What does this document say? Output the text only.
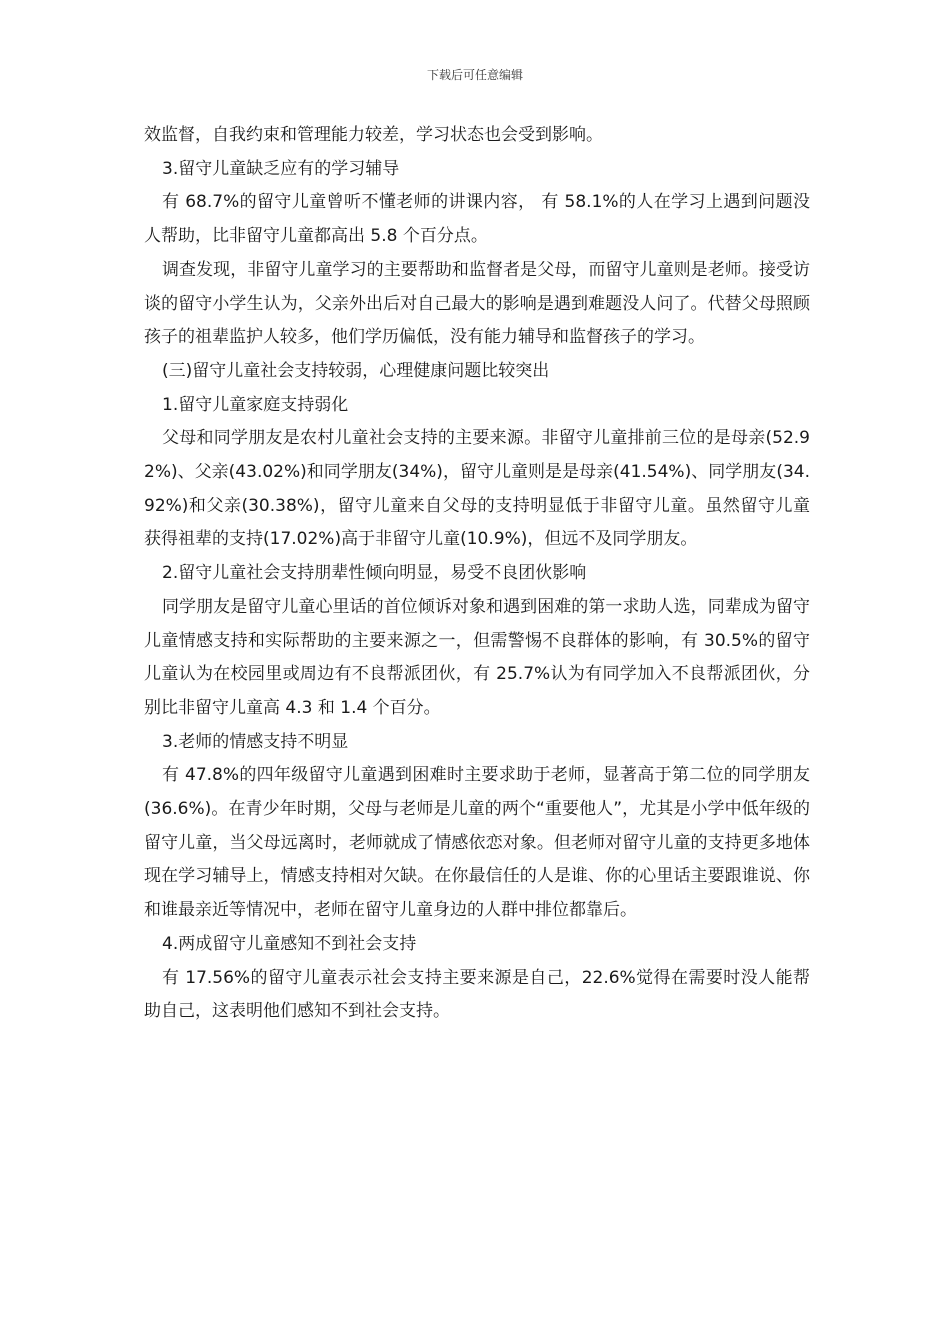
下载后可任意编辑

效监督，自我约束和管理能力较差，学习状态也会受到影响。

3.留守儿童缺乏应有的学习辅导

有 68.7%的留守儿童曾听不懂老师的讲课内容， 有 58.1%的人在学习上遇到问题没人帮助，比非留守儿童都高出 5.8 个百分点。

调查发现，非留守儿童学习的主要帮助和监督者是父母，而留守儿童则是老师。接受访谈的留守小学生认为，父亲外出后对自己最大的影响是遇到难题没人问了。代替父母照顾孩子的祖辈监护人较多，他们学历偏低，没有能力辅导和监督孩子的学习。

(三)留守儿童社会支持较弱，心理健康问题比较突出

1.留守儿童家庭支持弱化

父母和同学朋友是农村儿童社会支持的主要来源。非留守儿童排前三位的是母亲(52.92%)、父亲(43.02%)和同学朋友(34%)，留守儿童则是是母亲(41.54%)、同学朋友(34.92%)和父亲(30.38%)，留守儿童来自父母的支持明显低于非留守儿童。虽然留守儿童获得祖辈的支持(17.02%)高于非留守儿童(10.9%)，但远不及同学朋友。

2.留守儿童社会支持朋辈性倾向明显，易受不良团伙影响

同学朋友是留守儿童心里话的首位倾诉对象和遇到困难的第一求助人选，同辈成为留守儿童情感支持和实际帮助的主要来源之一，但需警惕不良群体的影响，有 30.5%的留守儿童认为在校园里或周边有不良帮派团伙，有 25.7%认为有同学加入不良帮派团伙，分别比非留守儿童高 4.3 和 1.4 个百分。

3.老师的情感支持不明显

有 47.8%的四年级留守儿童遇到困难时主要求助于老师，显著高于第二位的同学朋友(36.6%)。在青少年时期，父母与老师是儿童的两个“重要他人”，尤其是小学中低年级的留守儿童，当父母远离时，老师就成了情感依恋对象。但老师对留守儿童的支持更多地体现在学习辅导上，情感支持相对欠缺。在你最信任的人是谁、你的心里话主要跟谁说、你和谁最亲近等情况中，老师在留守儿童身边的人群中排位都靠后。

4.两成留守儿童感知不到社会支持

有 17.56%的留守儿童表示社会支持主要来源是自己，22.6%觉得在需要时没人能帮助自己，这表明他们感知不到社会支持。
